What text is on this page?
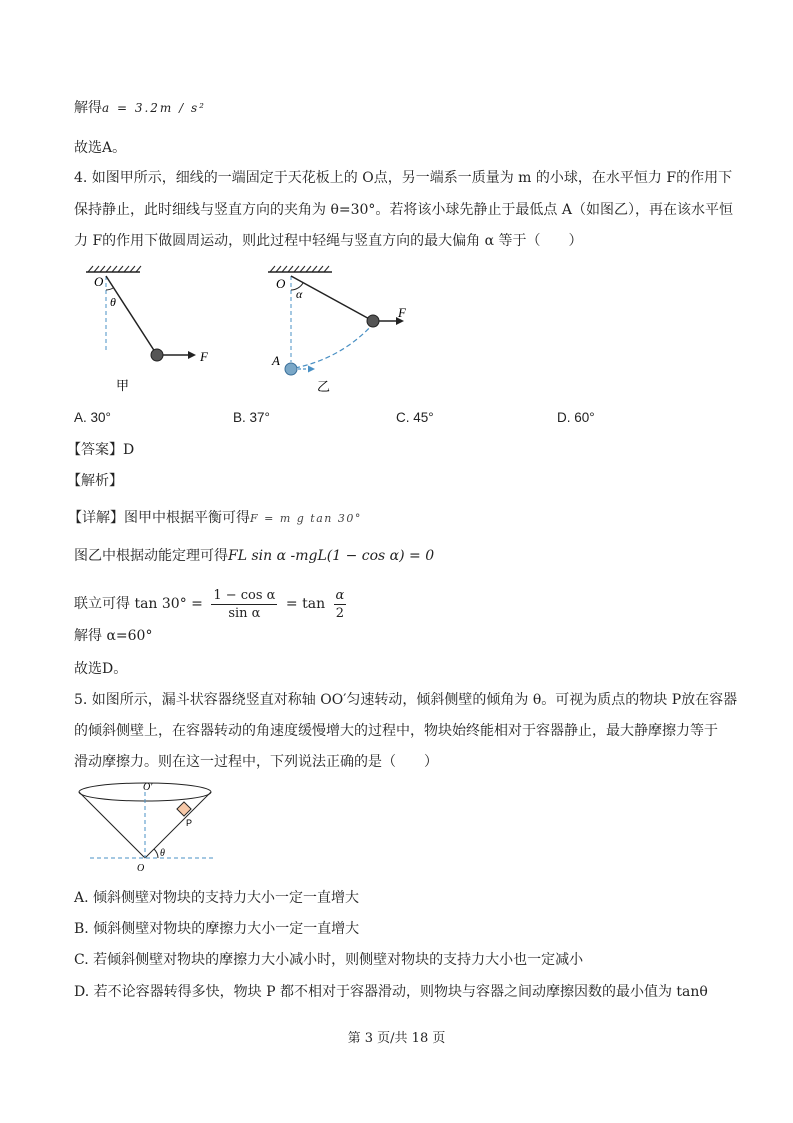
解得a = 3.2m / s²
故选A。
4. 如图甲所示，细线的一端固定于天花板上的 O点，另一端系一质量为 m 的小球，在水平恒力 F的作用下
保持静止，此时细线与竖直方向的夹角为 θ=30°。若将该小球先静止于最低点 A（如图乙），再在该水平恒
力 F的作用下做圆周运动，则此过程中轻绳与竖直方向的最大偏角 α 等于（　　）
O
θ
F
甲
O
α
F
A
乙
A. 30°	B. 37°	C. 45°	D. 60°
【答案】D
【解析】
【详解】图甲中根据平衡可得F = m g tan 30°
图乙中根据动能定理可得FL sin α -mgL(1 − cos α) = 0
联立可得 $\tan 30^\circ = \frac{\text{1 − cos α}}{\text{sin α}} = \tan \frac{\alpha}{2}$
解得 α=60°
故选D。
5. 如图所示，漏斗状容器绕竖直对称轴 OO′匀速转动，倾斜侧壁的倾角为 θ。可视为质点的物块 P放在容器
的倾斜侧壁上，在容器转动的角速度缓慢增大的过程中，物块始终能相对于容器静止，最大静摩擦力等于
滑动摩擦力。则在这一过程中，下列说法正确的是（　　）
O′
P
θ
O
A. 倾斜侧壁对物块的支持力大小一定一直增大
B. 倾斜侧壁对物块的摩擦力大小一定一直增大
C. 若倾斜侧壁对物块的摩擦力大小减小时，则侧壁对物块的支持力大小也一定减小
D. 若不论容器转得多快，物块 P 都不相对于容器滑动，则物块与容器之间动摩擦因数的最小值为 tanθ
第 3 页/共 18 页
